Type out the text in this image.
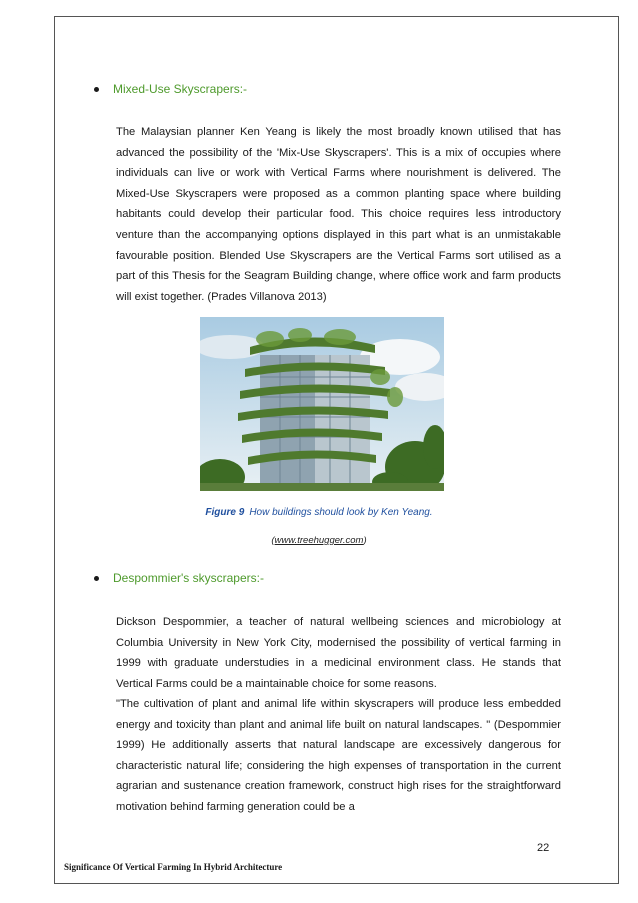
Mixed-Use Skyscrapers:-

The Malaysian planner Ken Yeang is likely the most broadly known utilised that has advanced the possibility of the 'Mix-Use Skyscrapers'. This is a mix of occupies where individuals can live or work with Vertical Farms where nourishment is delivered. The Mixed-Use Skyscrapers were proposed as a common planting space where building habitants could develop their particular food. This choice requires less introductory venture than the accompanying options displayed in this part what is an unmistakable favourable position. Blended Use Skyscrapers are the Vertical Farms sort utilised as a part of this Thesis for the Seagram Building change, where office work and farm products will exist together. (Prades Villanova 2013)

Figure 9 How buildings should look by Ken Yeang.
(www.treehugger.com)
Despommier's skyscrapers:-

Dickson Despommier, a teacher of natural wellbeing sciences and microbiology at Columbia University in New York City, modernised the possibility of vertical farming in 1999 with graduate understudies in a medicinal environment class. He stands that Vertical Farms could be a maintainable choice for some reasons.

"The cultivation of plant and animal life within skyscrapers will produce less embedded energy and toxicity than plant and animal life built on natural landscapes. " (Despommier 1999) He additionally asserts that natural landscape are excessively dangerous for characteristic natural life; considering the high expenses of transportation in the current agrarian and sustenance creation framework, construct high rises for the straightforward motivation behind farming generation could be a

22
Significance Of Vertical Farming In Hybrid Architecture
